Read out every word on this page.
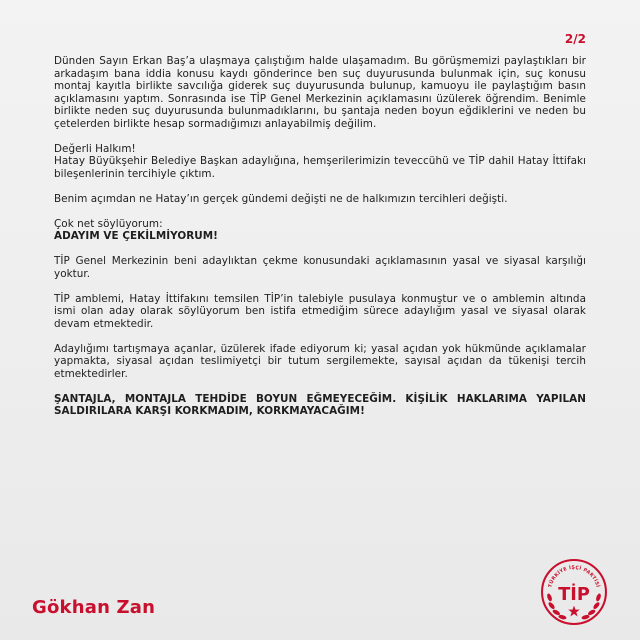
2/2

Dünden Sayın Erkan Baş’a ulaşmaya çalıştığım halde ulaşamadım. Bu görüşmemizi paylaştıkları bir arkadaşım bana iddia konusu kaydı gönderince ben suç duyurusunda bulunmak için, suç konusu montaj kayıtla birlikte savcılığa giderek suç duyurusunda bulunup, kamuoyu ile paylaştığım basın açıklamasını yaptım. Sonrasında ise TİP Genel Merkezinin açıklamasını üzülerek öğrendim. Benimle birlikte neden suç duyurusunda bulunmadıklarını, bu şantaja neden boyun eğdiklerini ve neden bu çetelerden birlikte hesap sormadığımızı anlayabilmiş değilim.

Değerli Halkım!
Hatay Büyükşehir Belediye Başkan adaylığına, hemşerilerimizin teveccühü ve TİP dahil Hatay İttifakı bileşenlerinin tercihiyle çıktım.

Benim açımdan ne Hatay’ın gerçek gündemi değişti ne de halkımızın tercihleri değişti.

Çok net söylüyorum:
ADAYIM VE ÇEKİLMİYORUM!

TİP Genel Merkezinin beni adaylıktan çekme konusundaki açıklamasının yasal ve siyasal karşılığı yoktur.

TİP amblemi, Hatay İttifakını temsilen TİP’in talebiyle pusulaya konmuştur ve o amblemin altında ismi olan aday olarak söylüyorum ben istifa etmediğim sürece adaylığım yasal ve siyasal olarak devam etmektedir.

Adaylığımı tartışmaya açanlar, üzülerek ifade ediyorum ki; yasal açıdan yok hükmünde açıklamalar yapmakta, siyasal açıdan teslimiyetçi bir tutum sergilemekte, sayısal açıdan da tükenişi tercih etmektedirler.

ŞANTAJLA, MONTAJLA TEHDİDE BOYUN EĞMEYECEĞİM. KİŞİLİK HAKLARIMA YAPILAN SALDIRILARA KARŞI KORKMADIM, KORKMAYACAĞIM!

Gökhan Zan
TÜRKİYE İŞÇİ PARTİSİ
TİP
